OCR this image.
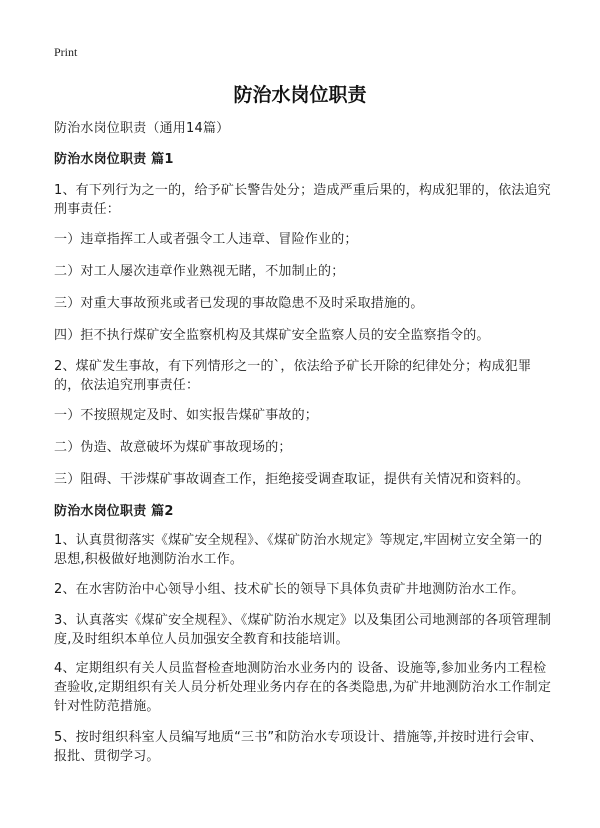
Print
防治水岗位职责
防治水岗位职责（通用14篇）
防治水岗位职责 篇1
1、有下列行为之一的，给予矿长警告处分；造成严重后果的，构成犯罪的，依法追究刑事责任：
一）违章指挥工人或者强令工人违章、冒险作业的；
二）对工人屡次违章作业熟视无睹，不加制止的；
三）对重大事故预兆或者已发现的事故隐患不及时采取措施的。
四）拒不执行煤矿安全监察机构及其煤矿安全监察人员的安全监察指令的。
2、煤矿发生事故，有下列情形之一的`，依法给予矿长开除的纪律处分；构成犯罪的，依法追究刑事责任：
一）不按照规定及时、如实报告煤矿事故的；
二）伪造、故意破坏为煤矿事故现场的；
三）阻碍、干涉煤矿事故调查工作，拒绝接受调查取证，提供有关情况和资料的。
防治水岗位职责 篇2
1、认真贯彻落实《煤矿安全规程》、《煤矿防治水规定》等规定,牢固树立安全第一的思想,积极做好地测防治水工作。
2、在水害防治中心领导小组、技术矿长的领导下具体负责矿井地测防治水工作。
3、认真落实《煤矿安全规程》、《煤矿防治水规定》以及集团公司地测部的各项管理制度,及时组织本单位人员加强安全教育和技能培训。
4、定期组织有关人员监督检查地测防治水业务内的 设备、设施等,参加业务内工程检查验收,定期组织有关人员分析处理业务内存在的各类隐患,为矿井地测防治水工作制定针对性防范措施。
5、按时组织科室人员编写地质“三书”和防治水专项设计、措施等,并按时进行会审、报批、贯彻学习。
